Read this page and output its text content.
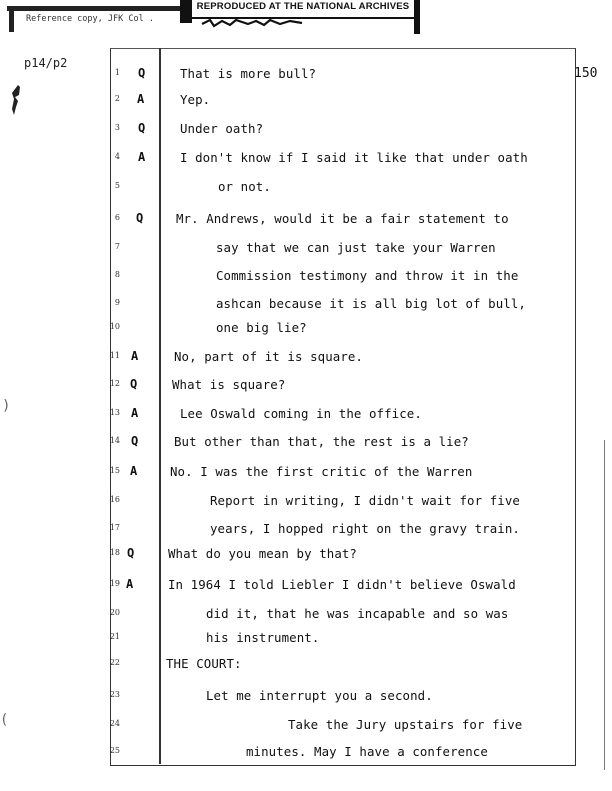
REPRODUCED AT THE NATIONAL ARCHIVES
Reference copy, JFK Col .
p14/p2
150
)
(
1 Q	That is more bull?
2 A	Yep.
3 Q	Under oath?
4 A	I don't know if I said it like that under oath
5	or not.
6 Q	Mr. Andrews, would it be a fair statement to
7	say that we can just take your Warren
8	Commission testimony and throw it in the
9	ashcan because it is all big lot of bull,
10	one big lie?
11 A	No, part of it is square.
12 Q	What is square?
13 A	Lee Oswald coming in the office.
14 Q	But other than that, the rest is a lie?
15 A	No. I was the first critic of the Warren
16	Report in writing, I didn't wait for five
17	years, I hopped right on the gravy train.
18 Q	What do you mean by that?
19 A	In 1964 I told Liebler I didn't believe Oswald
20	did it, that he was incapable and so was
21	his instrument.
22	THE COURT:
23	Let me interrupt you a second.
24	Take the Jury upstairs for five
25	minutes. May I have a conference
